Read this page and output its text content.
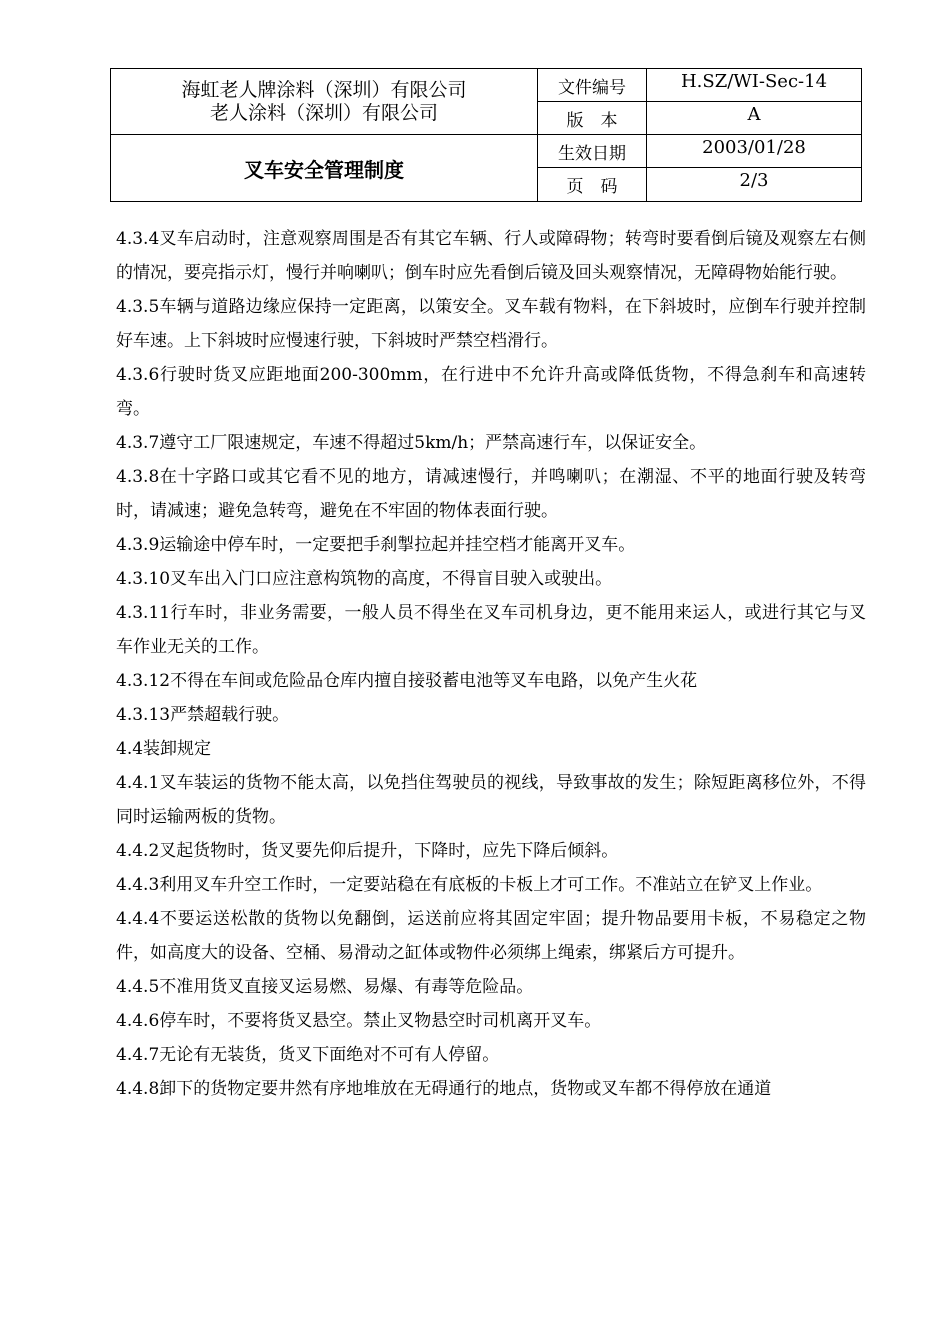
海虹老人牌涂料（深圳）有限公司
老人涂料（深圳）有限公司
叉车安全管理制度
文件编号	H.SZ/WI-Sec-14
版　本	A
生效日期	2003/01/28
页　码	2/3

4.3.4叉车启动时，注意观察周围是否有其它车辆、行人或障碍物；转弯时要看倒后镜及观察左右侧的情况，要亮指示灯，慢行并响喇叭；倒车时应先看倒后镜及回头观察情况，无障碍物始能行驶。

4.3.5车辆与道路边缘应保持一定距离，以策安全。叉车载有物料，在下斜坡时，应倒车行驶并控制好车速。上下斜坡时应慢速行驶，下斜坡时严禁空档滑行。

4.3.6行驶时货叉应距地面200-300mm，在行进中不允许升高或降低货物，不得急刹车和高速转弯。

4.3.7遵守工厂限速规定，车速不得超过5km/h；严禁高速行车，以保证安全。

4.3.8在十字路口或其它看不见的地方，请减速慢行，并鸣喇叭；在潮湿、不平的地面行驶及转弯时，请减速；避免急转弯，避免在不牢固的物体表面行驶。

4.3.9运输途中停车时，一定要把手刹掣拉起并挂空档才能离开叉车。

4.3.10叉车出入门口应注意构筑物的高度，不得盲目驶入或驶出。

4.3.11行车时，非业务需要，一般人员不得坐在叉车司机身边，更不能用来运人，或进行其它与叉车作业无关的工作。

4.3.12不得在车间或危险品仓库内擅自接驳蓄电池等叉车电路，以免产生火花

4.3.13严禁超载行驶。

4.4装卸规定

4.4.1叉车装运的货物不能太高，以免挡住驾驶员的视线，导致事故的发生；除短距离移位外，不得同时运输两板的货物。

4.4.2叉起货物时，货叉要先仰后提升，下降时，应先下降后倾斜。

4.4.3利用叉车升空工作时，一定要站稳在有底板的卡板上才可工作。不准站立在铲叉上作业。

4.4.4不要运送松散的货物以免翻倒，运送前应将其固定牢固；提升物品要用卡板，不易稳定之物件，如高度大的设备、空桶、易滑动之缸体或物件必须绑上绳索，绑紧后方可提升。

4.4.5不准用货叉直接叉运易燃、易爆、有毒等危险品。

4.4.6停车时，不要将货叉悬空。禁止叉物悬空时司机离开叉车。

4.4.7无论有无装货，货叉下面绝对不可有人停留。

4.4.8卸下的货物定要井然有序地堆放在无碍通行的地点，货物或叉车都不得停放在通道
